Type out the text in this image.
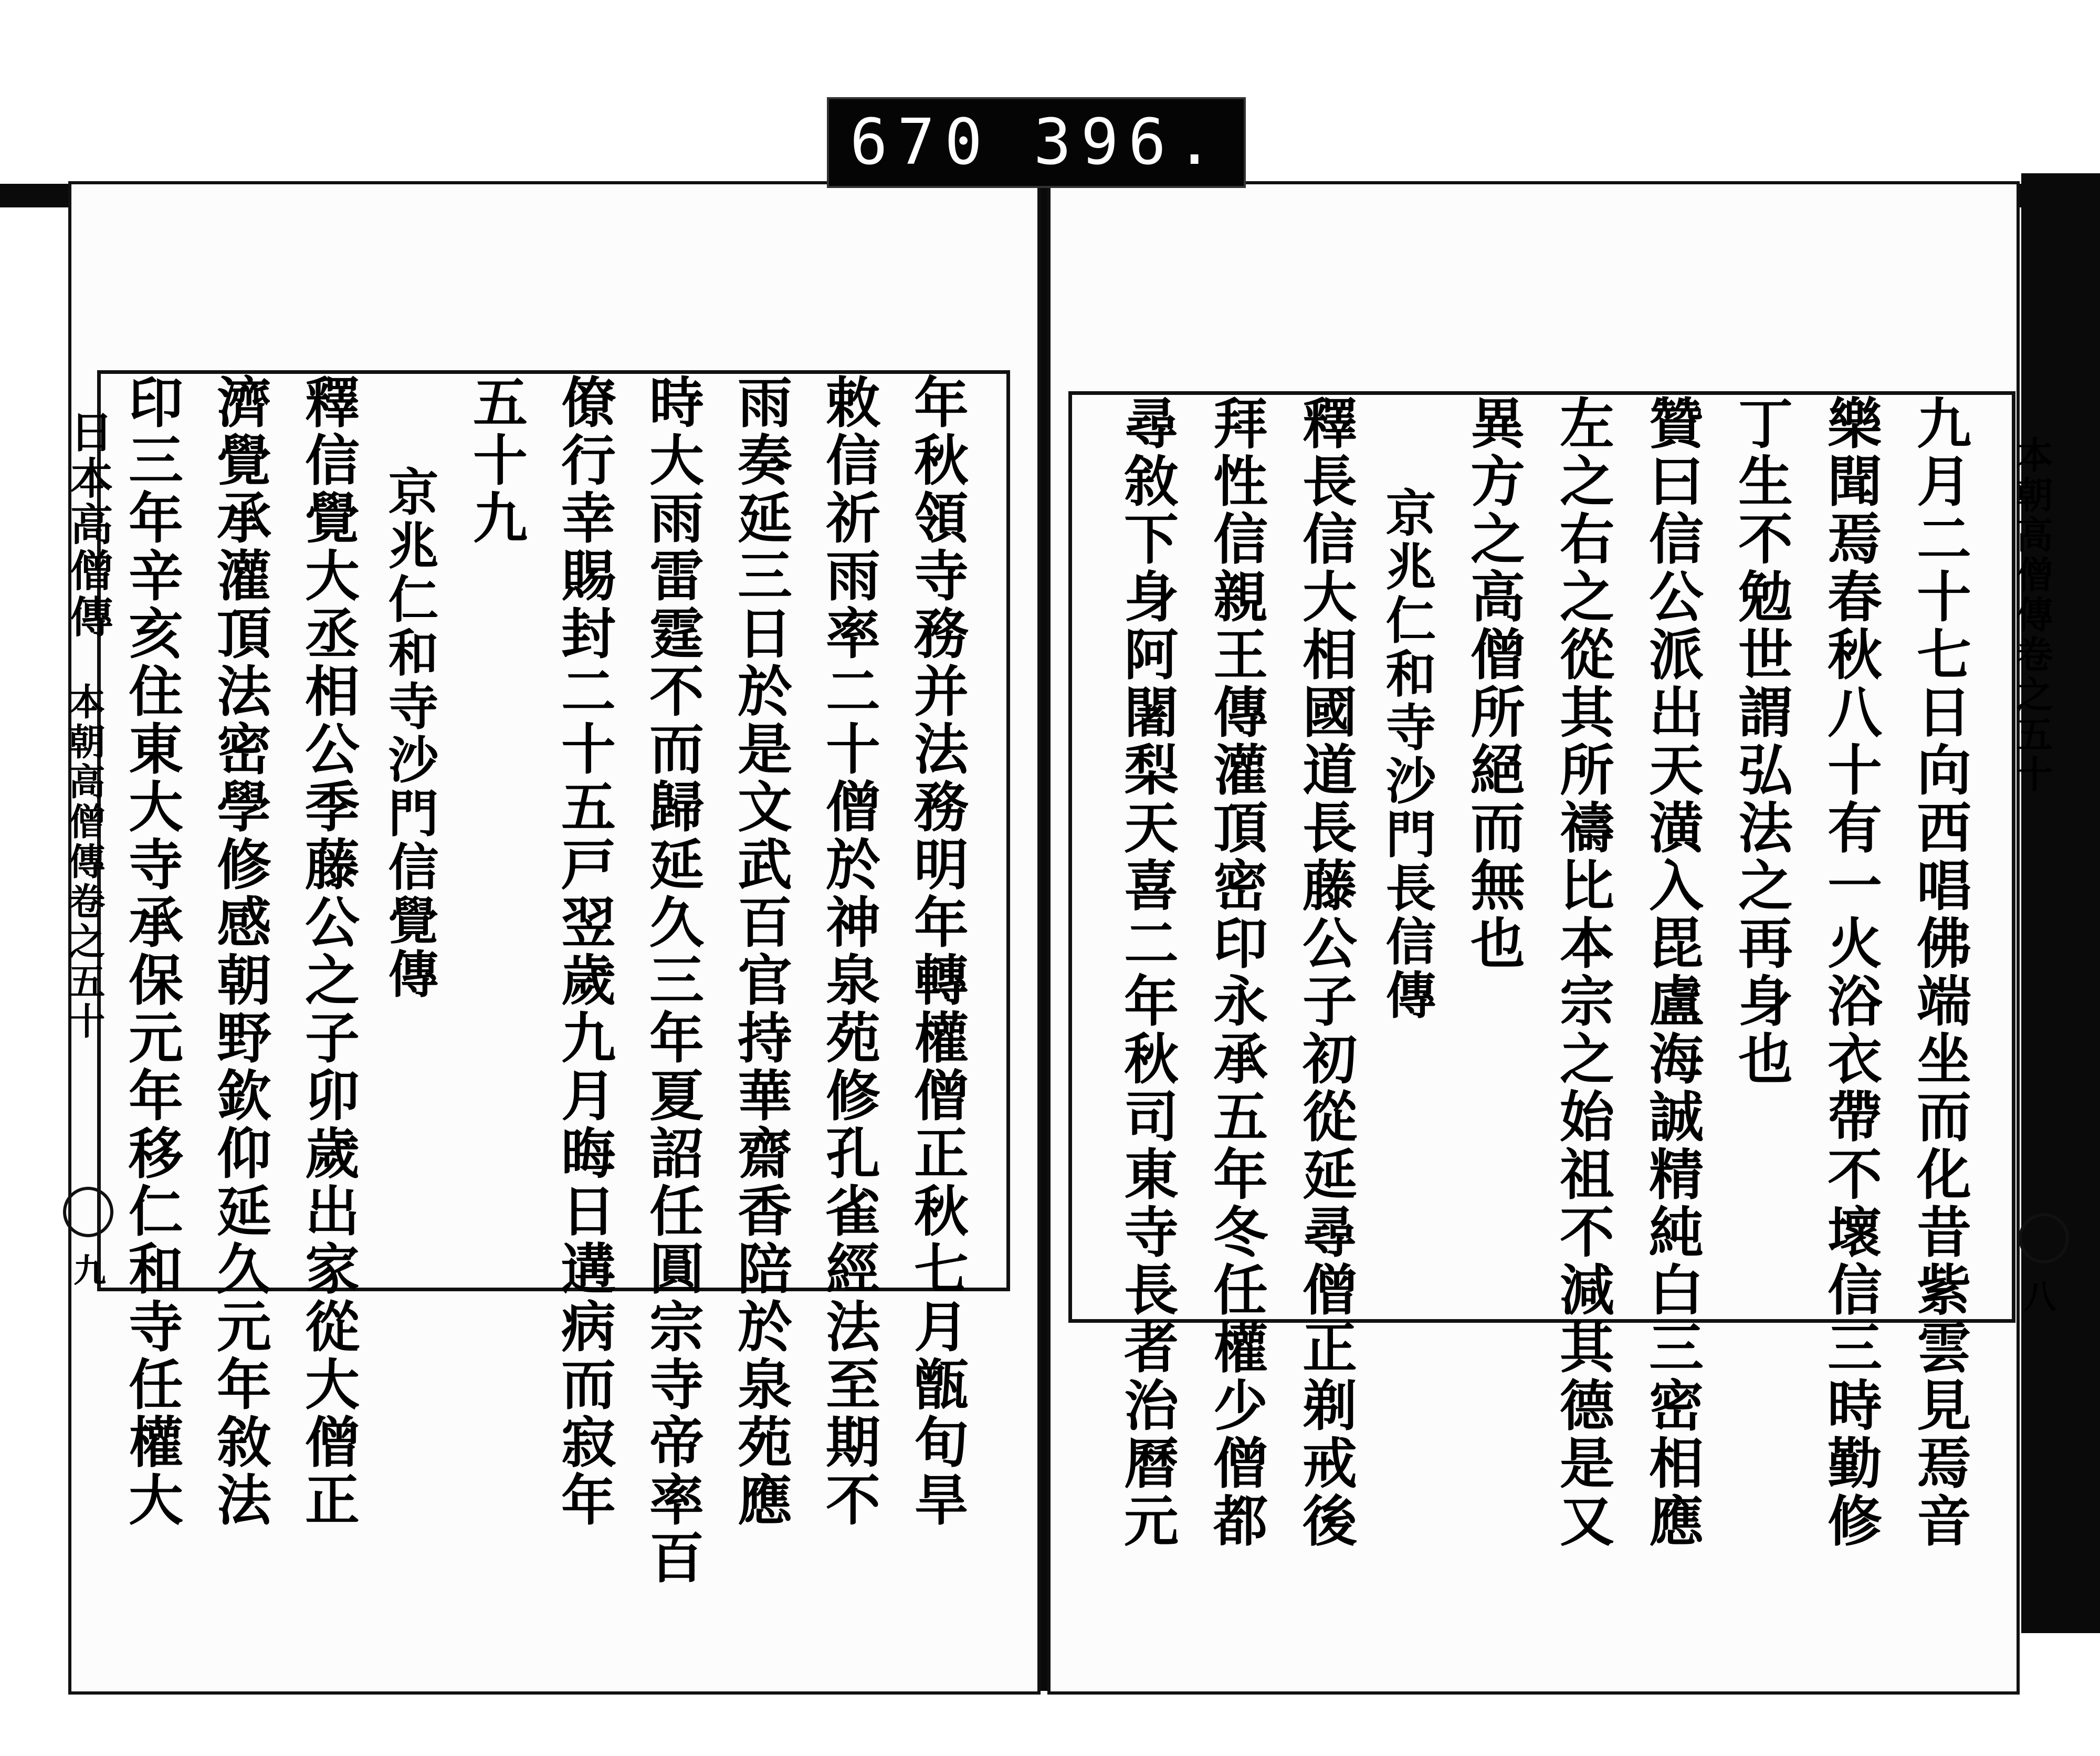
670 396.
年秋領寺務并法務明年轉權僧正秋七月甑旬旱
敕信祈雨率二十僧於神泉苑修孔雀經法至期不
雨奏延三日於是文武百官持華齋香陪於泉苑應
時大雨雷霆不而歸延久三年夏詔任圓宗寺帝率百
僚行幸賜封二十五戸翌歲九月晦日遘病而寂年
五十九
京兆仁和寺沙門信覺傳
釋信覺大丞相公季藤公之子卯歲出家從大僧正
濟覺承灌頂法密學修感朝野欽仰延久元年敘法
印三年辛亥住東大寺承保元年移仁和寺任權大	九月二十七日向西唱佛端坐而化昔紫雲見焉音
樂聞焉春秋八十有一火浴衣帶不壞信三時勤修
丁生不勉世謂弘法之再身也
贊曰信公派出天潢入毘盧海誠精純白三密相應
左之右之從其所禱比本宗之始祖不減其德是又
異方之高僧所絕而無也
京兆仁和寺沙門長信傳
釋長信大相國道長藤公子初從延尋僧正剃戒後
拜性信親王傳灌頂密印永承五年冬任權少僧都
尋敘下身阿闍梨天喜二年秋司東寺長者治曆元
日本高僧傳
本朝高僧傳卷之五十
本朝高僧傳卷之五十
九
八
